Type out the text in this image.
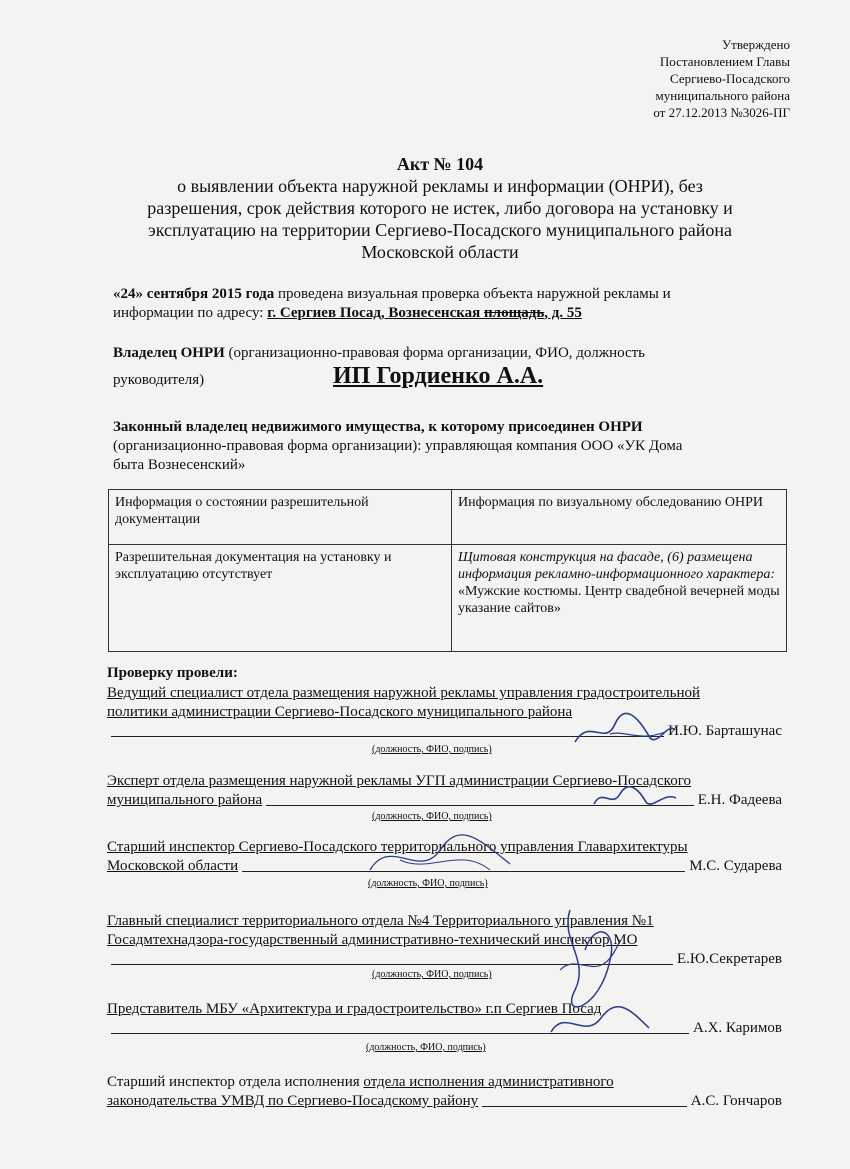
Утверждено
Постановлением Главы
Сергиево-Посадского
муниципального района
от 27.12.2013 №3026-ПГ
Акт № 104
о выявлении объекта наружной рекламы и информации (ОНРИ), без
разрешения, срок действия которого не истек, либо договора на установку и
эксплуатацию на территории Сергиево-Посадского муниципального района
Московской области
«24» сентября 2015 года проведена визуальная проверка объекта наружной рекламы и
информации по адресу: г. Сергиев Посад, Вознесенская площадь, д. 55
Владелец ОНРИ (организационно-правовая форма организации, ФИО, должность
руководителя)	ИП Гордиенко А.А.
Законный владелец недвижимого имущества, к которому присоединен ОНРИ
(организационно-правовая форма организации): управляющая компания ООО «УК Дома
быта Вознесенский»
Информация о состоянии разрешительной документации	Информация по визуальному обследованию ОНРИ
Разрешительная документация на установку и эксплуатацию отсутствует	Щитовая конструкция на фасаде, (6) размещена информация рекламно-информационного характера: «Мужские костюмы. Центр свадебной вечерней моды указание сайтов»
Проверку провели:
Ведущий специалист отдела размещения наружной рекламы управления градостроительной
политики администрации Сергиево-Посадского муниципального района
И.Ю. Барташунас
(должность, ФИО, подпись)
Эксперт отдела размещения наружной рекламы УГП администрации Сергиево-Посадского
муниципального района	Е.Н. Фадеева
(должность, ФИО, подпись)
Старший инспектор Сергиево-Посадского территориального управления Главархитектуры
Московской области	М.С. Сударева
(должность, ФИО, подпись)
Главный специалист территориального отдела №4 Территориального управления №1
Госадмтехнадзора-государственный административно-технический инспектор МО
Е.Ю.Секретарев
(должность, ФИО, подпись)
Представитель МБУ «Архитектура и градостроительство» г.п Сергиев Посад
А.Х. Каримов
(должность, ФИО, подпись)
Старший инспектор отдела исполнения отдела исполнения административного
законодательства УМВД по Сергиево-Посадскому району	А.С. Гончаров
